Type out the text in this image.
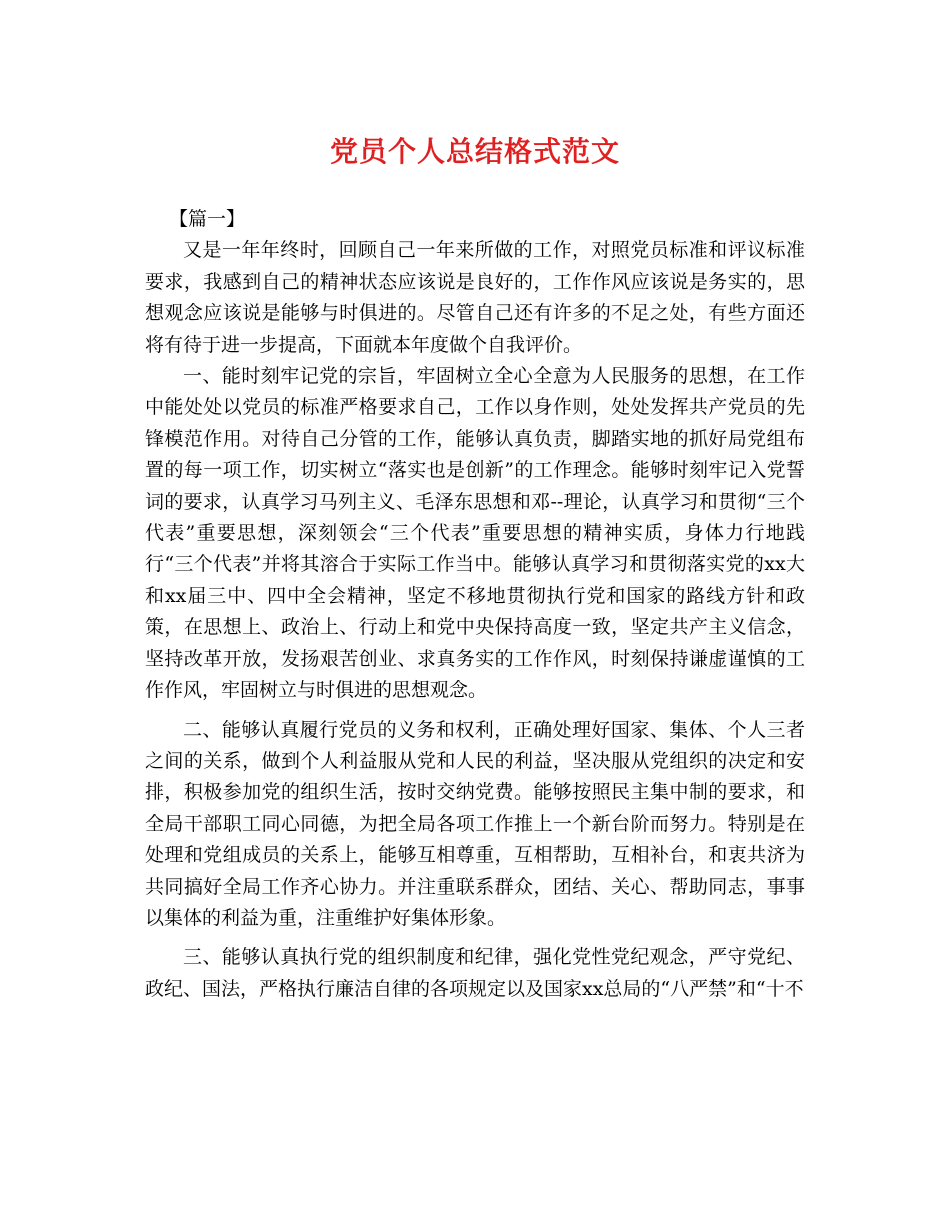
党员个人总结格式范文

【篇一】

又是一年年终时，回顾自己一年来所做的工作，对照党员标准和评议标准要求，我感到自己的精神状态应该说是良好的，工作作风应该说是务实的，思想观念应该说是能够与时俱进的。尽管自己还有许多的不足之处，有些方面还将有待于进一步提高，下面就本年度做个自我评价。

一、能时刻牢记党的宗旨，牢固树立全心全意为人民服务的思想，在工作中能处处以党员的标准严格要求自己，工作以身作则，处处发挥共产党员的先锋模范作用。对待自己分管的工作，能够认真负责，脚踏实地的抓好局党组布置的每一项工作，切实树立“落实也是创新”的工作理念。能够时刻牢记入党誓词的要求，认真学习马列主义、毛泽东思想和邓--理论，认真学习和贯彻“三个代表”重要思想，深刻领会“三个代表”重要思想的精神实质，身体力行地践行“三个代表”并将其溶合于实际工作当中。能够认真学习和贯彻落实党的xx大和xx届三中、四中全会精神，坚定不移地贯彻执行党和国家的路线方针和政策，在思想上、政治上、行动上和党中央保持高度一致，坚定共产主义信念，坚持改革开放，发扬艰苦创业、求真务实的工作作风，时刻保持谦虚谨慎的工作作风，牢固树立与时俱进的思想观念。

二、能够认真履行党员的义务和权利，正确处理好国家、集体、个人三者之间的关系，做到个人利益服从党和人民的利益，坚决服从党组织的决定和安排，积极参加党的组织生活，按时交纳党费。能够按照民主集中制的要求，和全局干部职工同心同德，为把全局各项工作推上一个新台阶而努力。特别是在处理和党组成员的关系上，能够互相尊重，互相帮助，互相补台，和衷共济为共同搞好全局工作齐心协力。并注重联系群众，团结、关心、帮助同志，事事以集体的利益为重，注重维护好集体形象。

三、能够认真执行党的组织制度和纪律，强化党性党纪观念，严守党纪、政纪、国法，严格执行廉洁自律的各项规定以及国家xx总局的“八严禁”和“十不
